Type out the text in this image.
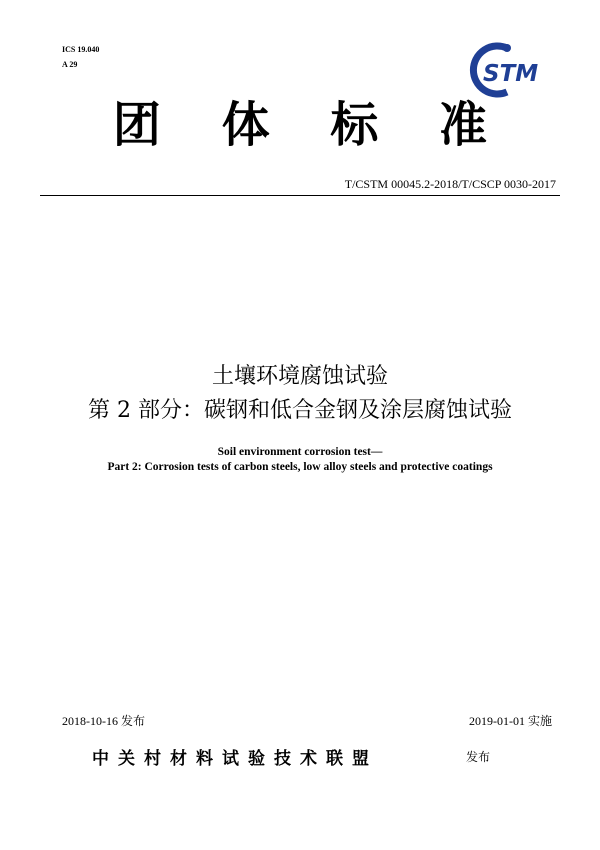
ICS 19.040
A 29	STM
团 体 标 准
T/CSTM 00045.2-2018/T/CSCP 0030-2017
土壤环境腐蚀试验
第 2 部分：碳钢和低合金钢及涂层腐蚀试验
Soil environment corrosion test—
Part 2: Corrosion tests of carbon steels, low alloy steels and protective coatings
2018-10-16 发布	2019-01-01 实施
中关村材料试验技术联盟	发布
